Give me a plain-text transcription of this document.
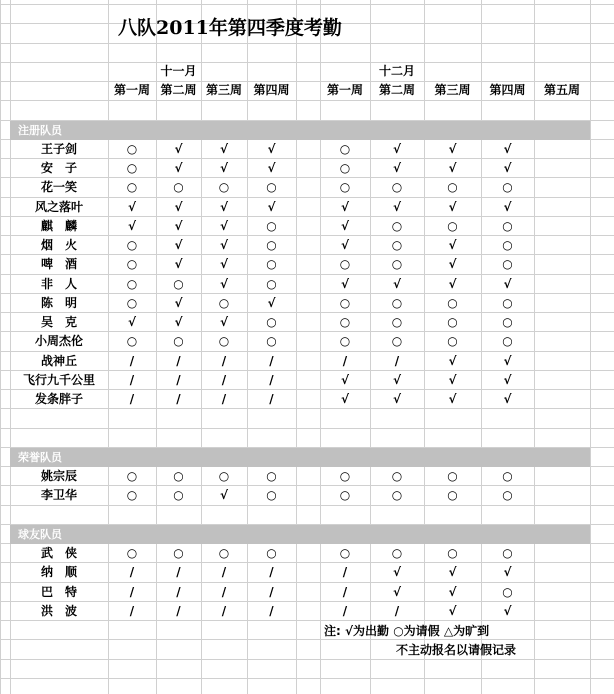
八队2011年第四季度考勤
十一月	十二月
第一周 第二周 第三周 第四周	第一周	第二周	第三周	第四周	第五周
注册队员
王子剑	○	√	√	√	○	√	√	√
安　子	○	√	√	√	○	√	√	√
花一笑	○	○	○	○	○	○	○	○
风之落叶	√	√	√	√	√	√	√	√
麒　麟	√	√	√	○	√	○	○	○
烟　火	○	√	√	○	√	○	√	○
啤　酒	○	√	√	○	○	○	√	○
非　人	○	○	√	○	√	√	√	√
陈　明	○	√	○	√	○	○	○	○
吴　克	√	√	√	○	○	○	○	○
小周杰伦	○	○	○	○	○	○	○	○
战神丘	/	/	/	/	/	/	√	√
飞行九千公里	/	/	/	/	√	√	√	√
发条胖子	/	/	/	/	√	√	√	√
荣誉队员
姚宗辰	○	○	○	○	○	○	○	○
李卫华	○	○	√	○	○	○	○	○
球友队员
武　侠	○	○	○	○	○	○	○	○
纳　顺	/	/	/	/	/	√	√	√
巴　特	/	/	/	/	/	√	√	○
洪　波	/	/	/	/	/	/	√	√
注: √为出勤 ○为请假 △为旷到
不主动报名以请假记录
